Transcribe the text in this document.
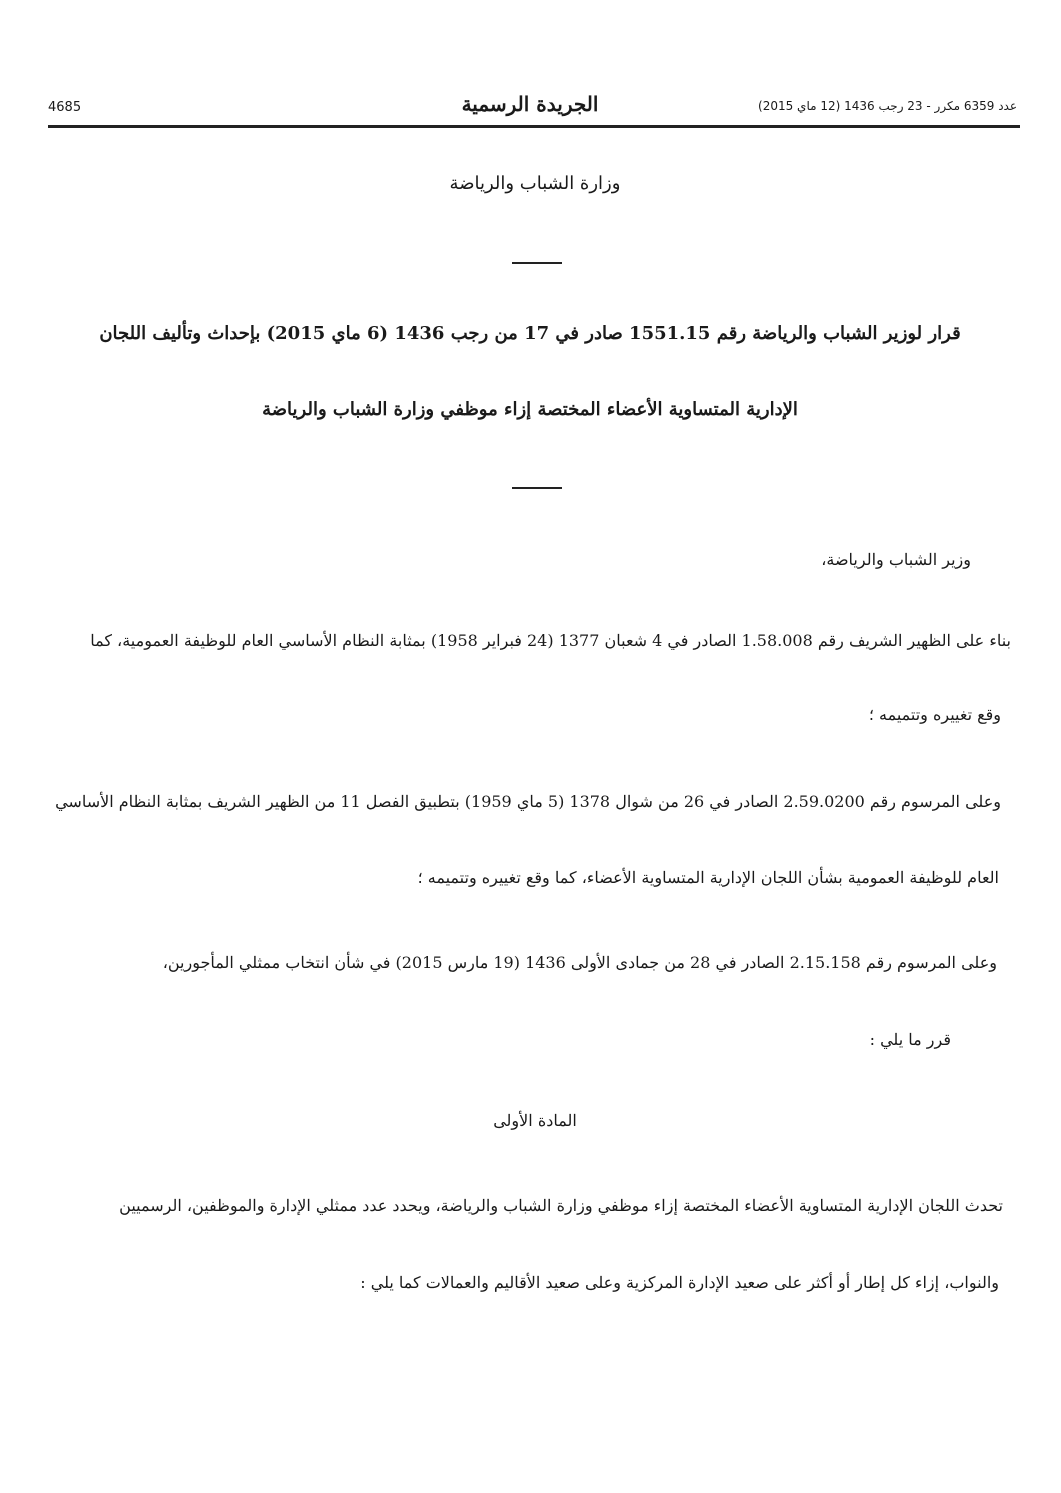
4685	الجريدة الرسمية	عدد 6359 مكرر - 23 رجب 1436 (12 ماي 2015)
وزارة الشباب والرياضة
قرار لوزير الشباب والرياضة رقم 1551.15 صادر في 17 من رجب 1436 (6 ماي 2015) بإحداث وتأليف اللجان
الإدارية المتساوية الأعضاء المختصة إزاء موظفي وزارة الشباب والرياضة
وزير الشباب والرياضة،
بناء على الظهير الشريف رقم 1.58.008 الصادر في 4 شعبان 1377 (24 فبراير 1958) بمثابة النظام الأساسي العام للوظيفة العمومية، كما
وقع تغييره وتتميمه ؛
وعلى المرسوم رقم 2.59.0200 الصادر في 26 من شوال 1378 (5 ماي 1959) بتطبيق الفصل 11 من الظهير الشريف بمثابة النظام الأساسي
العام للوظيفة العمومية بشأن اللجان الإدارية المتساوية الأعضاء، كما وقع تغييره وتتميمه ؛
وعلى المرسوم رقم 2.15.158 الصادر في 28 من جمادى الأولى 1436 (19 مارس 2015) في شأن انتخاب ممثلي المأجورين،
قرر ما يلي :
المادة الأولى
تحدث اللجان الإدارية المتساوية الأعضاء المختصة إزاء موظفي وزارة الشباب والرياضة، ويحدد عدد ممثلي الإدارة والموظفين، الرسميين
والنواب، إزاء كل إطار أو أكثر على صعيد الإدارة المركزية وعلى صعيد الأقاليم والعمالات كما يلي :
